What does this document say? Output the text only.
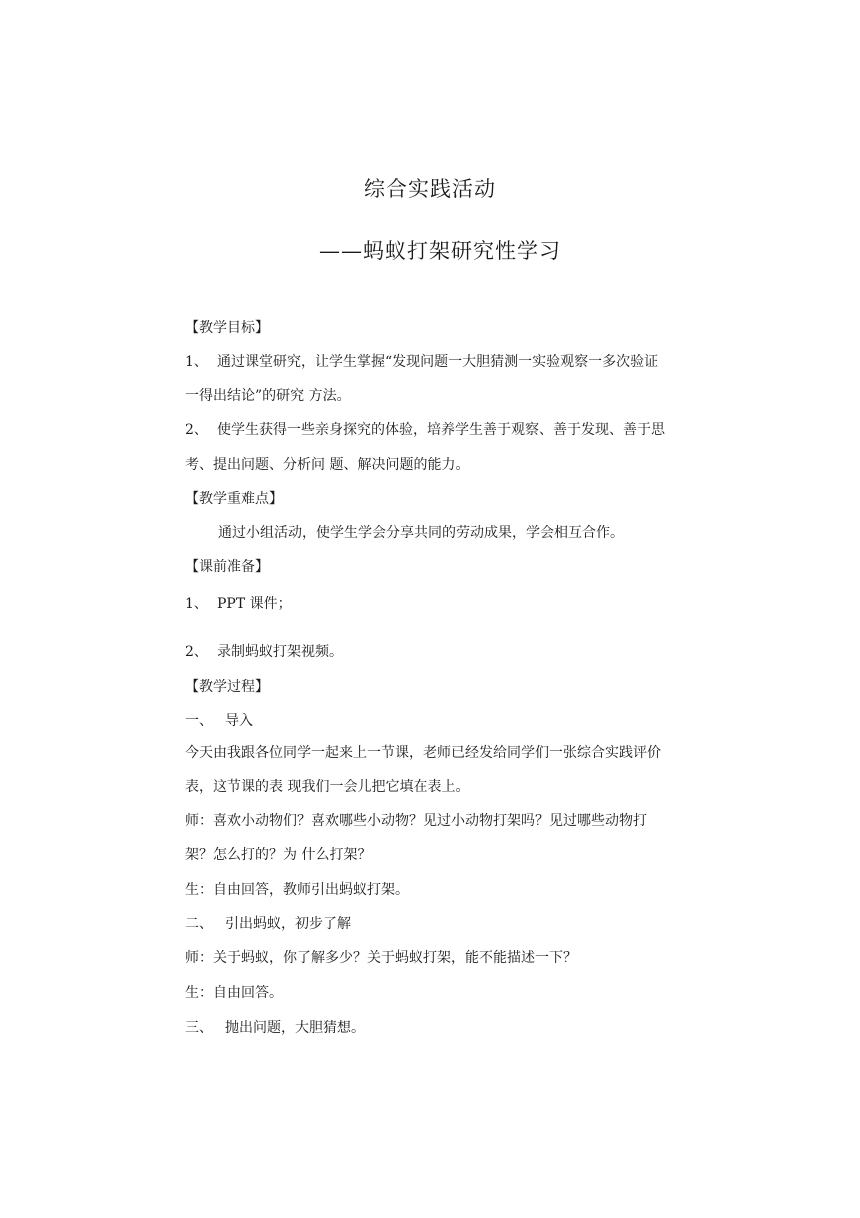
综合实践活动
——蚂蚁打架研究性学习
【教学目标】
1、 通过课堂研究，让学生掌握“发现问题一大胆猜测一实验观察一多次验证
一得出结论”的研究 方法。
2、 使学生获得一些亲身探究的体验，培养学生善于观察、善于发现、善于思
考、提出问题、分析问 题、解决问题的能力。
【教学重难点】
通过小组活动，使学生学会分享共同的劳动成果，学会相互合作。
【课前准备】
1、 PPT 课件；
2、 录制蚂蚁打架视频。
【教学过程】
一、 导入
今天由我跟各位同学一起来上一节课，老师已经发给同学们一张综合实践评价
表，这节课的表 现我们一会儿把它填在表上。
师：喜欢小动物们？喜欢哪些小动物？见过小动物打架吗？见过哪些动物打
架？怎么打的？为 什么打架？
生：自由回答，教师引出蚂蚁打架。
二、 引出蚂蚁，初步了解
师：关于蚂蚁，你了解多少？关于蚂蚁打架，能不能描述一下？
生：自由回答。
三、 抛出问题，大胆猜想。
